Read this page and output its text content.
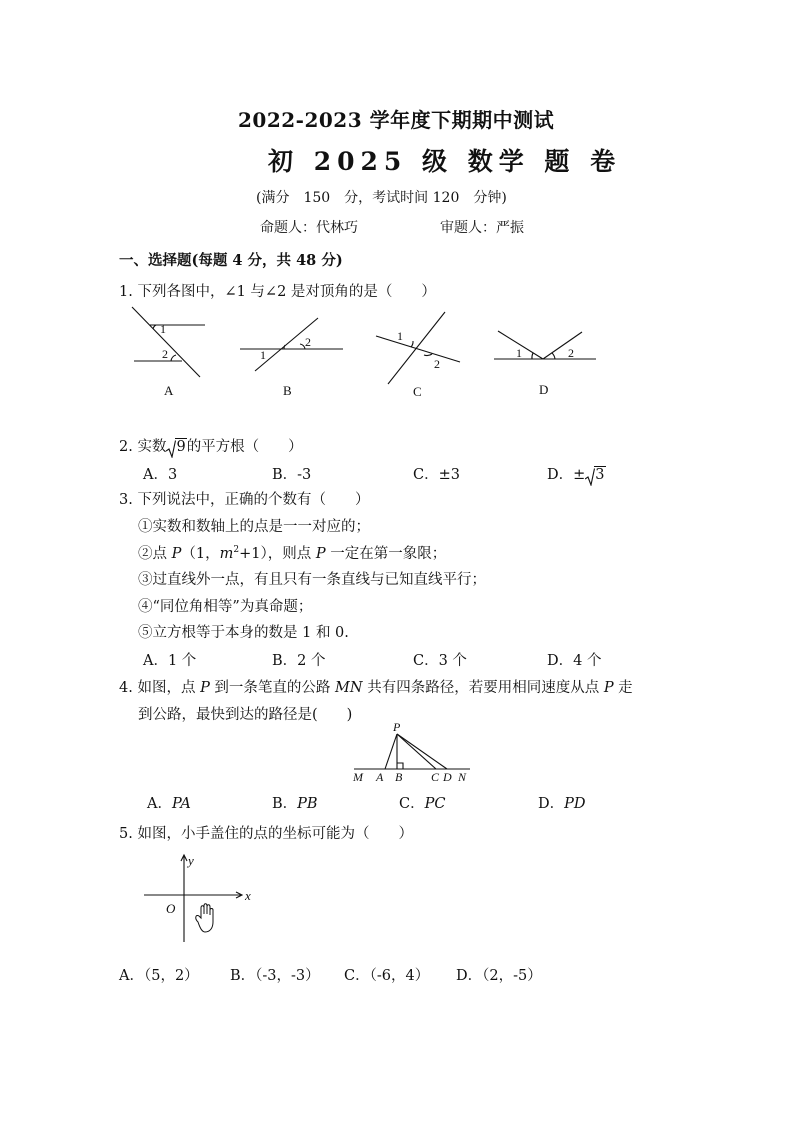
2022-2023 学年度下期期中测试
初 2025 级 数学 题 卷
(满分　150　分，考试时间 120　分钟)
命题人：代林巧	审题人：严振
一、选择题(每题 4 分，共 48 分)
1. 下列各图中，∠1 与∠2 是对顶角的是（　　）
1
2	1
2	1
2
1	2
A	B	C	D
2. 实数 9的平方根（　　）
A．3	B．-3	C．±3	D．± 3
3. 下列说法中，正确的个数有（　　）
①实数和数轴上的点是一一对应的；
②点 P（1，$m^2+1$），则点 P 一定在第一象限；
③过直线外一点，有且只有一条直线与已知直线平行；
④“同位角相等”为真命题；
⑤立方根等于本身的数是 1 和 0.
A．1 个	B．2 个	C．3 个	D．4 个
4. 如图，点 P 到一条笔直的公路 MN 共有四条路径，若要用相同速度从点 P 走
到公路，最快到达的路径是(　　)
P
M A B C D N
A．PA	B．PB	C．PC	D．PD
5. 如图，小手盖住的点的坐标可能为（　　）
y
x
O
A．（5，2） B．（-3，-3） C．（-6，4） D．（2，-5）
